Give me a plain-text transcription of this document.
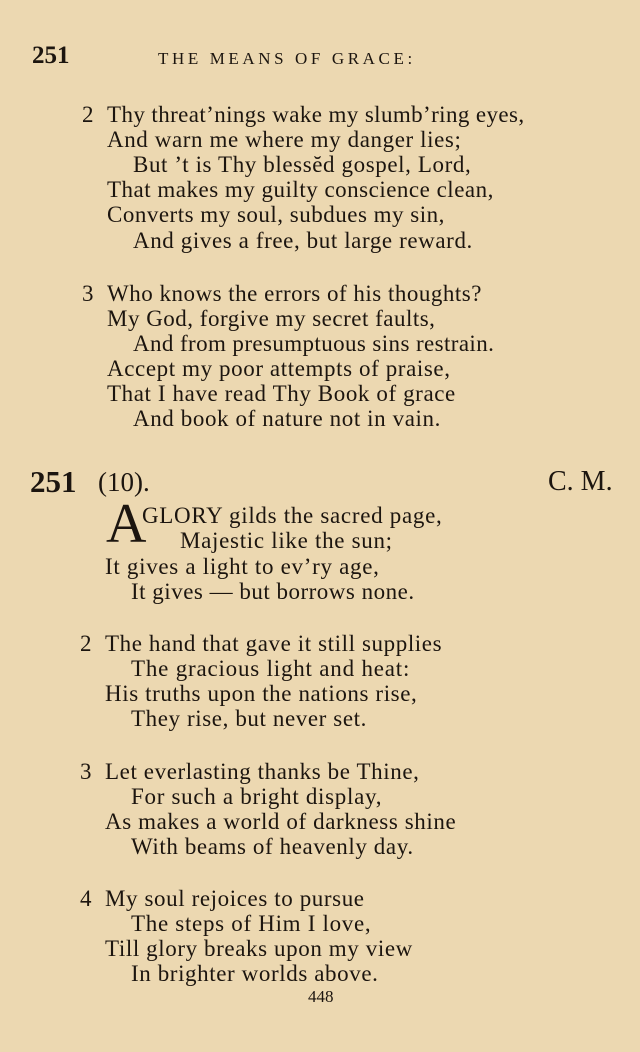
251	THE MEANS OF GRACE:
2 Thy threat’nings wake my slumb’ring eyes,
And warn me where my danger lies;
But ’t is Thy blessĕd gospel, Lord,
That makes my guilty conscience clean,
Converts my soul, subdues my sin,
And gives a free, but large reward.
3 Who knows the errors of his thoughts?
My God, forgive my secret faults,
And from presumptuous sins restrain.
Accept my poor attempts of praise,
That I have read Thy Book of grace
And book of nature not in vain.
251 (10).	C. M.
A
GLORY gilds the sacred page,
Majestic like the sun;
It gives a light to ev’ry age,
It gives — but borrows none.
2 The hand that gave it still supplies
The gracious light and heat:
His truths upon the nations rise,
They rise, but never set.
3 Let everlasting thanks be Thine,
For such a bright display,
As makes a world of darkness shine
With beams of heavenly day.
4 My soul rejoices to pursue
The steps of Him I love,
Till glory breaks upon my view
In brighter worlds above.
448
